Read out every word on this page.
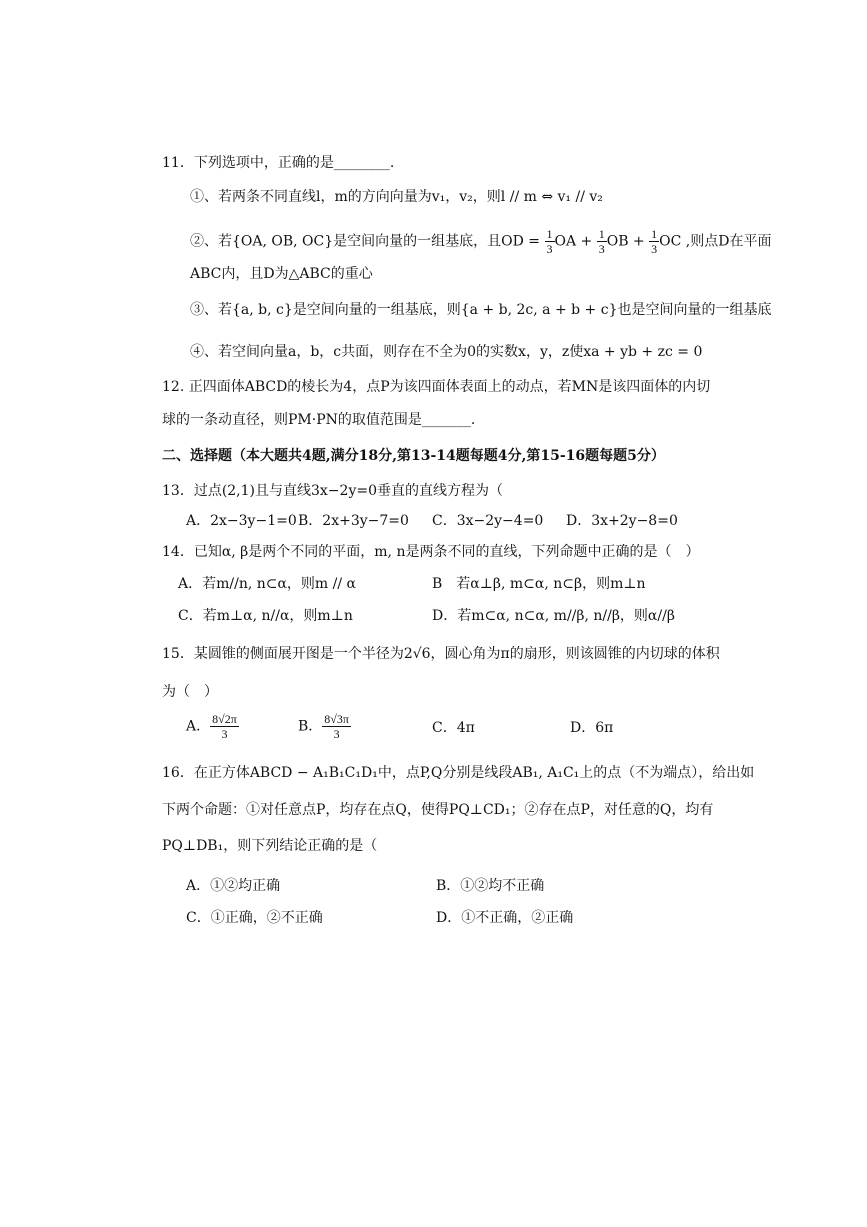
11．下列选项中，正确的是________.
①、若两条不同直线l，m的方向向量为v₁，v₂，则l // m ⇔ v₁ // v₂
②、若{OA, OB, OC}是空间向量的一组基底，且OD = $\frac{1}{3}$ OA + $\frac{1}{3}$ OB + $\frac{1}{3}$ OC ,则点D在平面
ABC内，且D为△ABC的重心
③、若{a, b, c}是空间向量的一组基底，则{a + b, 2c, a + b + c}也是空间向量的一组基底
④、若空间向量a，b，c共面，则存在不全为0的实数x，y，z使xa + yb + zc = 0
12. 正四面体ABCD的棱长为4，点P为该四面体表面上的动点，若MN是该四面体的内切
球的一条动直径，则PM·PN的取值范围是_______.
二、选择题（本大题共4题,满分18分,第13-14题每题4分,第15-16题每题5分）
13．过点(2,1)且与直线3x−2y=0垂直的直线方程为（
A．2x−3y−1=0 B．2x+3y−7=0 C．3x−2y−4=0 D．3x+2y−8=0
14．已知α, β是两个不同的平面，m, n是两条不同的直线，下列命题中正确的是（　）
A．若m//n, n⊂α，则m // α	B　若α⊥β, m⊂α, n⊂β，则m⊥n
C．若m⊥α, n//α，则m⊥n	D．若m⊂α, n⊂α, m//β, n//β，则α//β
15．某圆锥的侧面展开图是一个半径为2√6，圆心角为π的扇形，则该圆锥的内切球的体积
为（　）
A． $\frac{8√2\pi}{3}$	B． $\frac{8√3\pi}{3}$	C．4π	D．6π
16．在正方体ABCD − A₁B₁C₁D₁中，点P,Q分别是线段AB₁, A₁C₁上的点（不为端点），给出如
下两个命题：①对任意点P，均存在点Q，使得PQ⊥CD₁；②存在点P，对任意的Q，均有
PQ⊥DB₁，则下列结论正确的是（
A．①②均正确	B．①②均不正确
C．①正确，②不正确	D．①不正确，②正确
